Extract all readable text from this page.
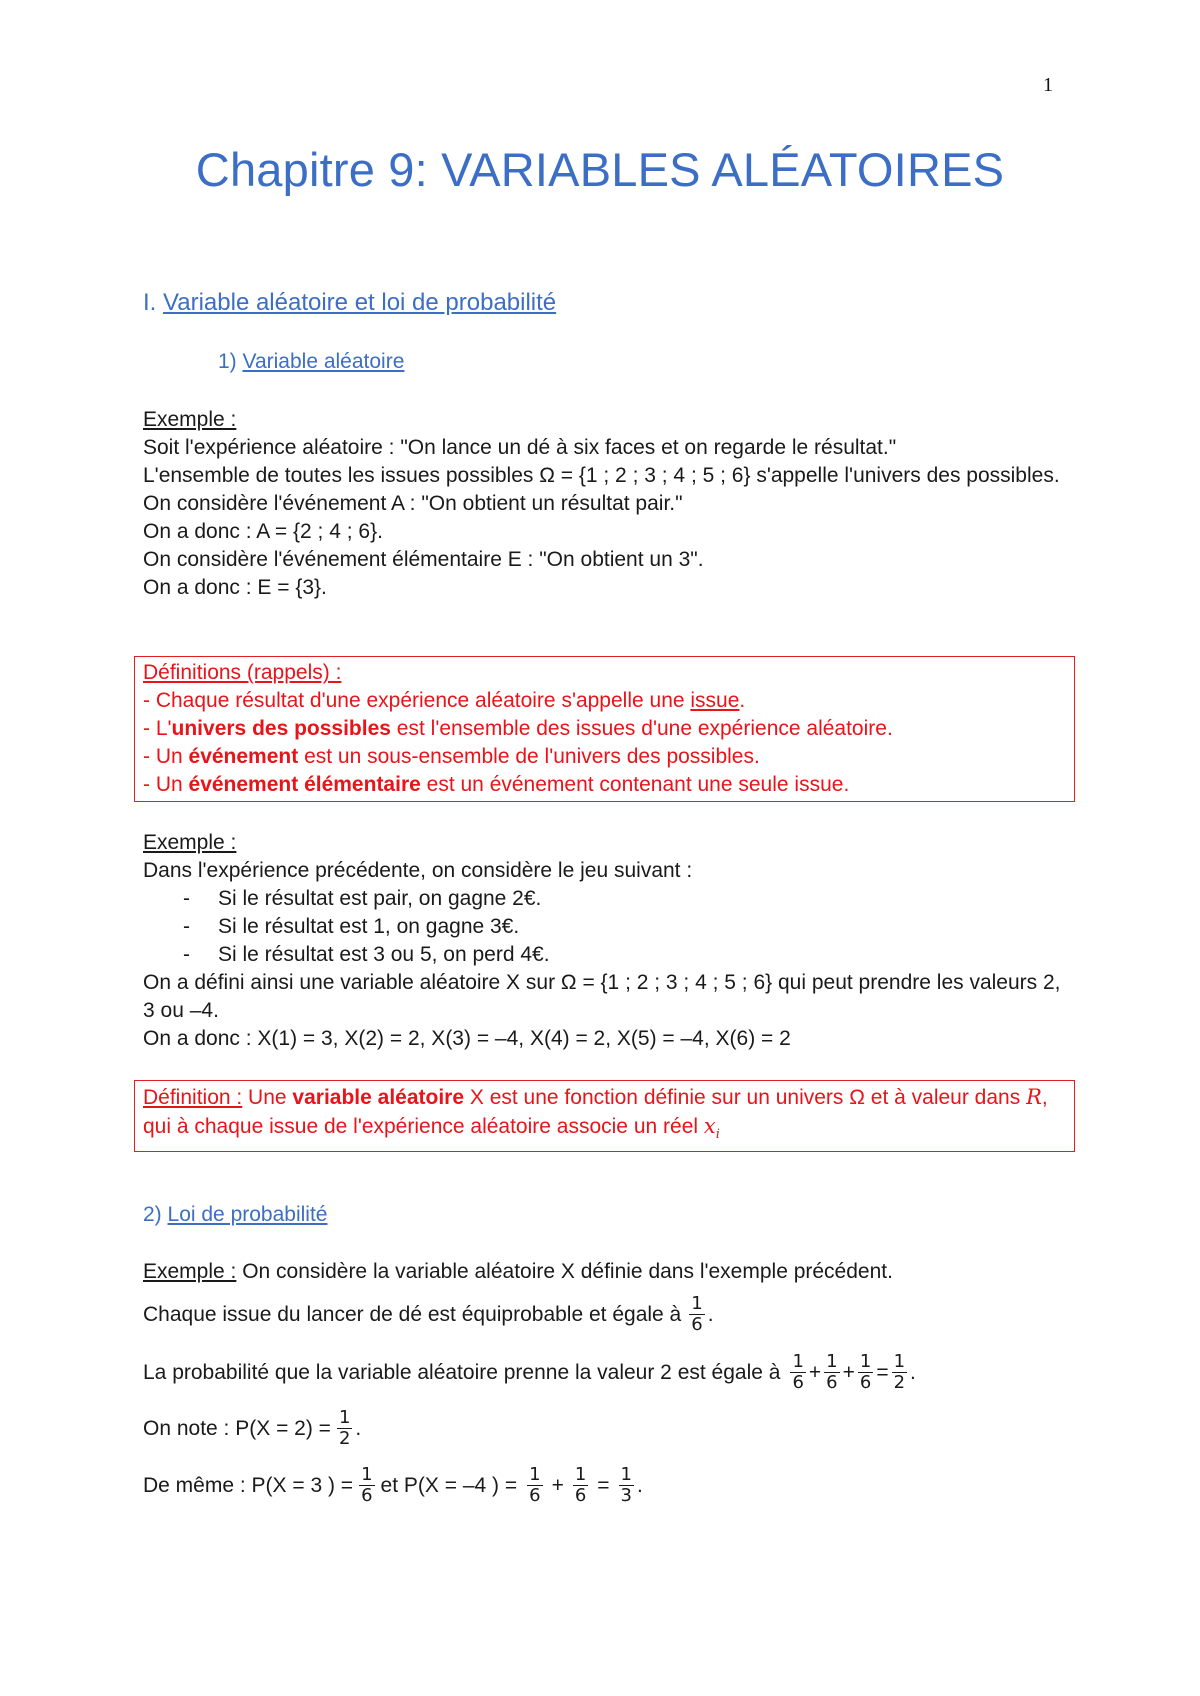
1
Chapitre 9: VARIABLES ALÉATOIRES
I. Variable aléatoire et loi de probabilité
1) Variable aléatoire

Exemple :

Soit l'expérience aléatoire : "On lance un dé à six faces et on regarde le résultat."

L'ensemble de toutes les issues possibles Ω = {1 ; 2 ; 3 ; 4 ; 5 ; 6} s'appelle l'univers des possibles.

On considère l'événement A : "On obtient un résultat pair."

On a donc : A = {2 ; 4 ; 6}.

On considère l'événement élémentaire E : "On obtient un 3".

On a donc : E = {3}.

Définitions (rappels) :

- Chaque résultat d'une expérience aléatoire s'appelle une issue.

- L'univers des possibles est l'ensemble des issues d'une expérience aléatoire.

- Un événement est un sous-ensemble de l'univers des possibles.

- Un événement élémentaire est un événement contenant une seule issue.

Exemple :

Dans l'expérience précédente, on considère le jeu suivant :

-	Si le résultat est pair, on gagne 2€.
-	Si le résultat est 1, on gagne 3€.
-	Si le résultat est 3 ou 5, on perd 4€.

On a défini ainsi une variable aléatoire X sur Ω = {1 ; 2 ; 3 ; 4 ; 5 ; 6} qui peut prendre les valeurs 2, 3 ou –4.

On a donc : X(1) = 3, X(2) = 2, X(3) = –4, X(4) = 2, X(5) = –4, X(6) = 2

Définition : Une variable aléatoire X est une fonction définie sur un univers Ω et à valeur dans R, qui à chaque issue de l'expérience aléatoire associe un réel $x_i$

2) Loi de probabilité

Exemple : On considère la variable aléatoire X définie dans l'exemple précédent.

Chaque issue du lancer de dé est équiprobable et égale à $\frac{1}{6}$ .
La probabilité que la variable aléatoire prenne la valeur 2 est égale à $\frac{1}{6} + \frac{1}{6} + \frac{1}{6} = \frac{1}{2}$ .
On note : $P(X = 2) = \frac{1}{2}$ .
De même : P(X = 3 ) = $\frac{1}{6}$ et P(X = –4 ) = $\frac{1}{6} + \frac{1}{6} = \frac{1}{3}$ .
